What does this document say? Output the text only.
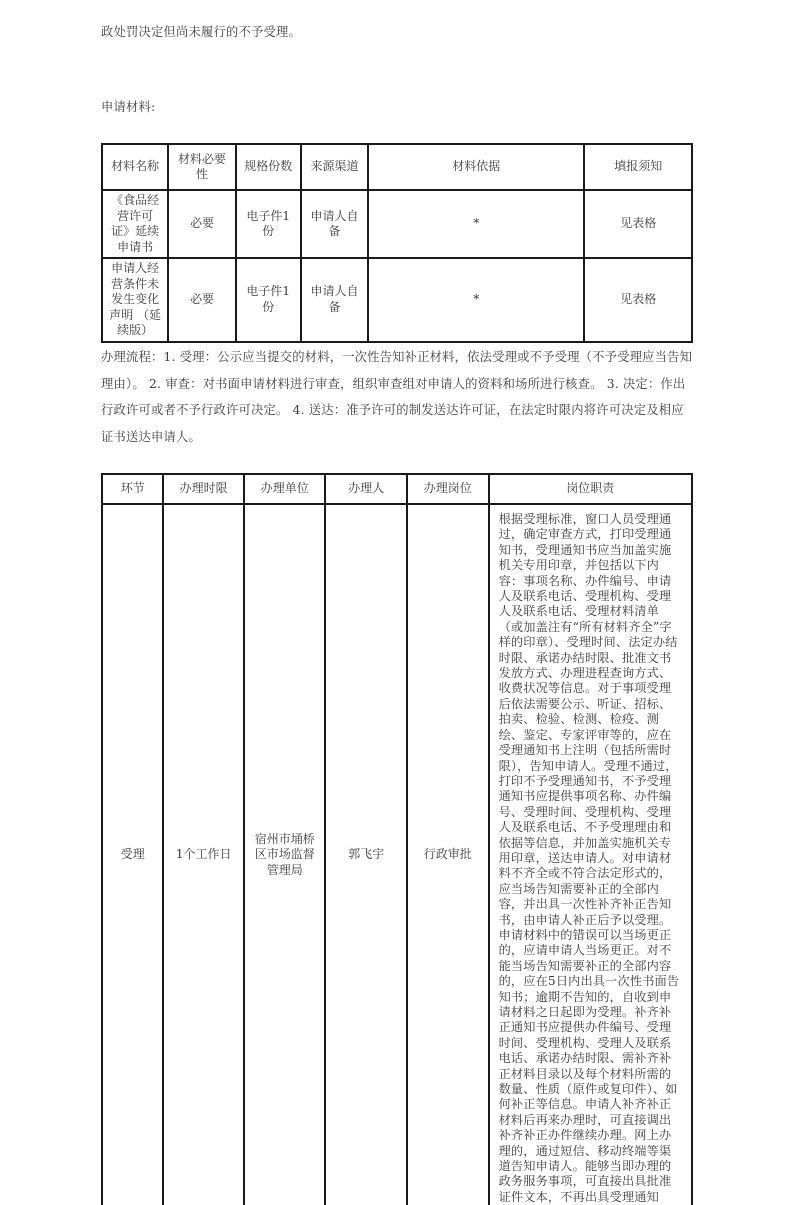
政处罚决定但尚未履行的不予受理。
申请材料:
材料名称	材料必要性	规格份数	来源渠道	材料依据	填报须知
《食品经营许可证》延续申请书	必要	电子件1份	申请人自备	*	见表格
申请人经营条件未发生变化声明 （延续版）	必要	电子件1份	申请人自备	*	见表格
办理流程：1. 受理：公示应当提交的材料，一次性告知补正材料，依法受理或不予受理（不予受理应当告知理由）。 2. 审查：对书面申请材料进行审查，组织审查组对申请人的资料和场所进行核查。 3. 决定：作出行政许可或者不予行政许可决定。 4. 送达：准予许可的制发送达许可证，在法定时限内将许可决定及相应证书送达申请人。
环节	办理时限	办理单位	办理人	办理岗位	岗位职责
受理	1个工作日	宿州市埇桥区市场监督管理局	郭飞宇	行政审批	根据受理标准，窗口人员受理通过，确定审查方式，打印受理通知书，受理通知书应当加盖实施机关专用印章，并包括以下内容：事项名称、办件编号、申请人及联系电话、受理机构、受理人及联系电话、受理材料清单（或加盖注有“所有材料齐全”字样的印章）、受理时间、法定办结时限、承诺办结时限、批准文书发放方式、办理进程查询方式、收费状况等信息。对于事项受理后依法需要公示、听证、招标、拍卖、检验、检测、检疫、测绘、鉴定、专家评审等的，应在受理通知书上注明（包括所需时限），告知申请人。受理不通过，打印不予受理通知书，不予受理通知书应提供事项名称、办件编号、受理时间、受理机构、受理人及联系电话、不予受理理由和依据等信息，并加盖实施机关专用印章，送达申请人。对申请材料不齐全或不符合法定形式的，应当场告知需要补正的全部内容，并出具一次性补齐补正告知书，由申请人补正后予以受理。申请材料中的错误可以当场更正的，应请申请人当场更正。对不能当场告知需要补正的全部内容的，应在5日内出具一次性书面告知书；逾期不告知的，自收到申请材料之日起即为受理。补齐补正通知书应提供办件编号、受理时间、受理机构、受理人及联系电话、承诺办结时限、需补齐补正材料目录以及每个材料所需的数量、性质（原件或复印件）、如何补正等信息。申请人补齐补正材料后再来办理时，可直接调出补齐补正办件继续办理。网上办理的，通过短信、移动终端等渠道告知申请人。能够当即办理的政务服务事项，可直接出具批准证件文本，不再出具受理通知
